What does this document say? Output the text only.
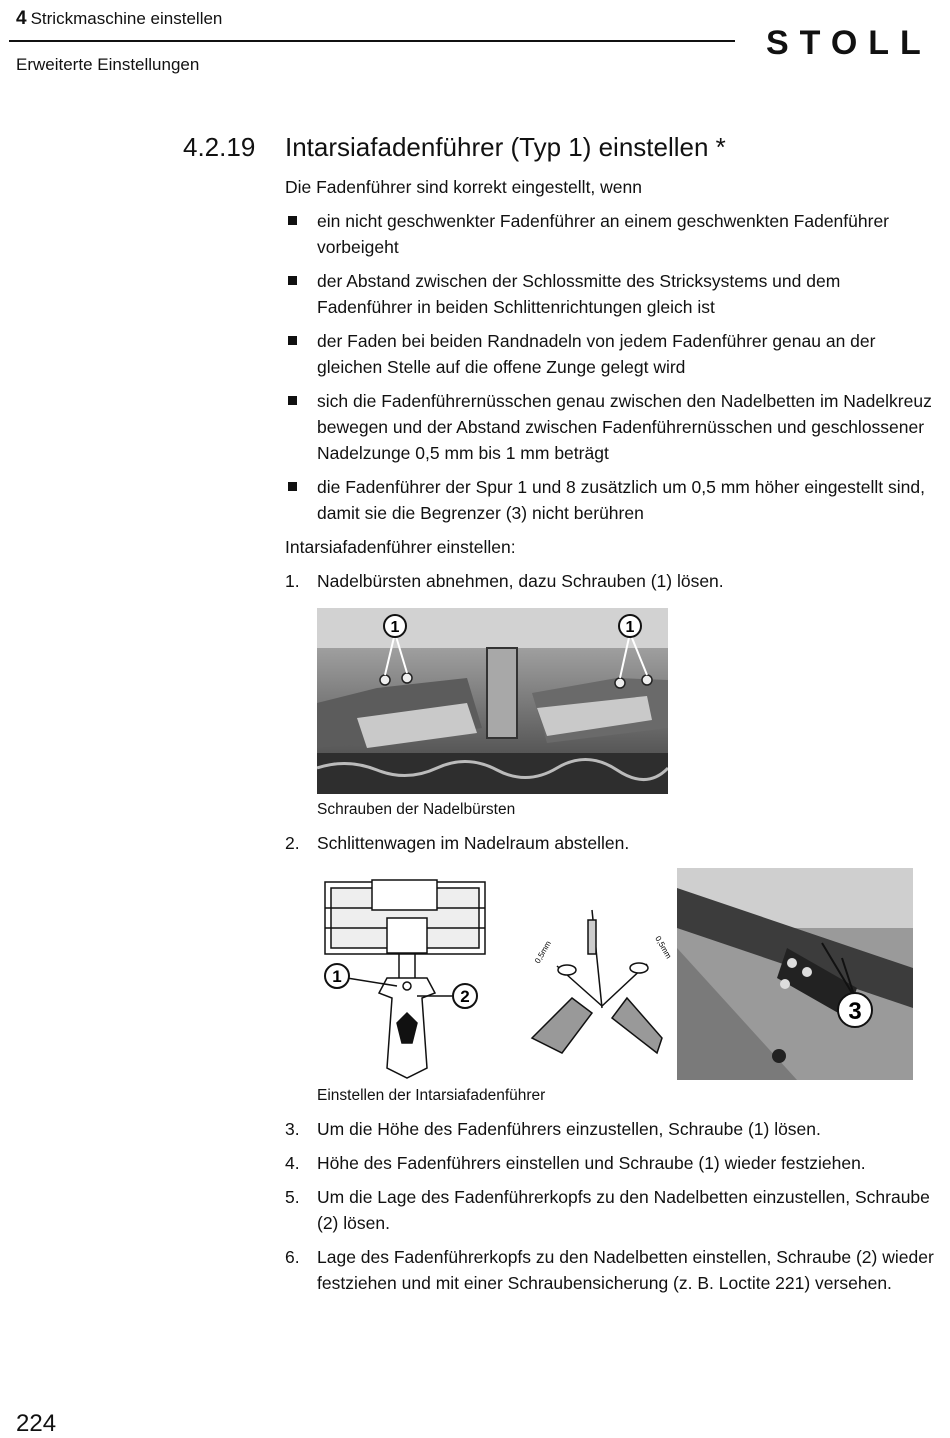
4 Strickmaschine einstellen
Erweiterte Einstellungen
STOLL
4.2.19 Intarsiafadenführer (Typ 1) einstellen *

Die Fadenführer sind korrekt eingestellt, wenn

ein nicht geschwenkter Fadenführer an einem geschwenkten Fadenführer vorbeigeht
der Abstand zwischen der Schlossmitte des Stricksystems und dem Fadenführer in beiden Schlittenrichtungen gleich ist
der Faden bei beiden Randnadeln von jedem Fadenführer genau an der gleichen Stelle auf die offene Zunge gelegt wird
sich die Fadenführernüsschen genau zwischen den Nadelbetten im Nadelkreuz bewegen und der Abstand zwischen Fadenführernüsschen und geschlossener Nadelzunge 0,5 mm bis 1 mm beträgt
die Fadenführer der Spur 1 und 8 zusätzlich um 0,5 mm höher eingestellt sind, damit sie die Begrenzer (3) nicht berühren

Intarsiafadenführer einstellen:

1. Nadelbürsten abnehmen, dazu Schrauben (1) lösen.
1	1
Schrauben der Nadelbürsten
2. Schlittenwagen im Nadelraum abstellen.
1
2
0,5mm	0,5mm
3
Einstellen der Intarsiafadenführer
3. Um die Höhe des Fadenführers einzustellen, Schraube (1) lösen.
4. Höhe des Fadenführers einstellen und Schraube (1) wieder festziehen.
5. Um die Lage des Fadenführerkopfs zu den Nadelbetten einzustellen, Schraube (2) lösen.
6. Lage des Fadenführerkopfs zu den Nadelbetten einstellen, Schraube (2) wieder festziehen und mit einer Schraubensicherung (z. B. Loctite 221) versehen.
224
